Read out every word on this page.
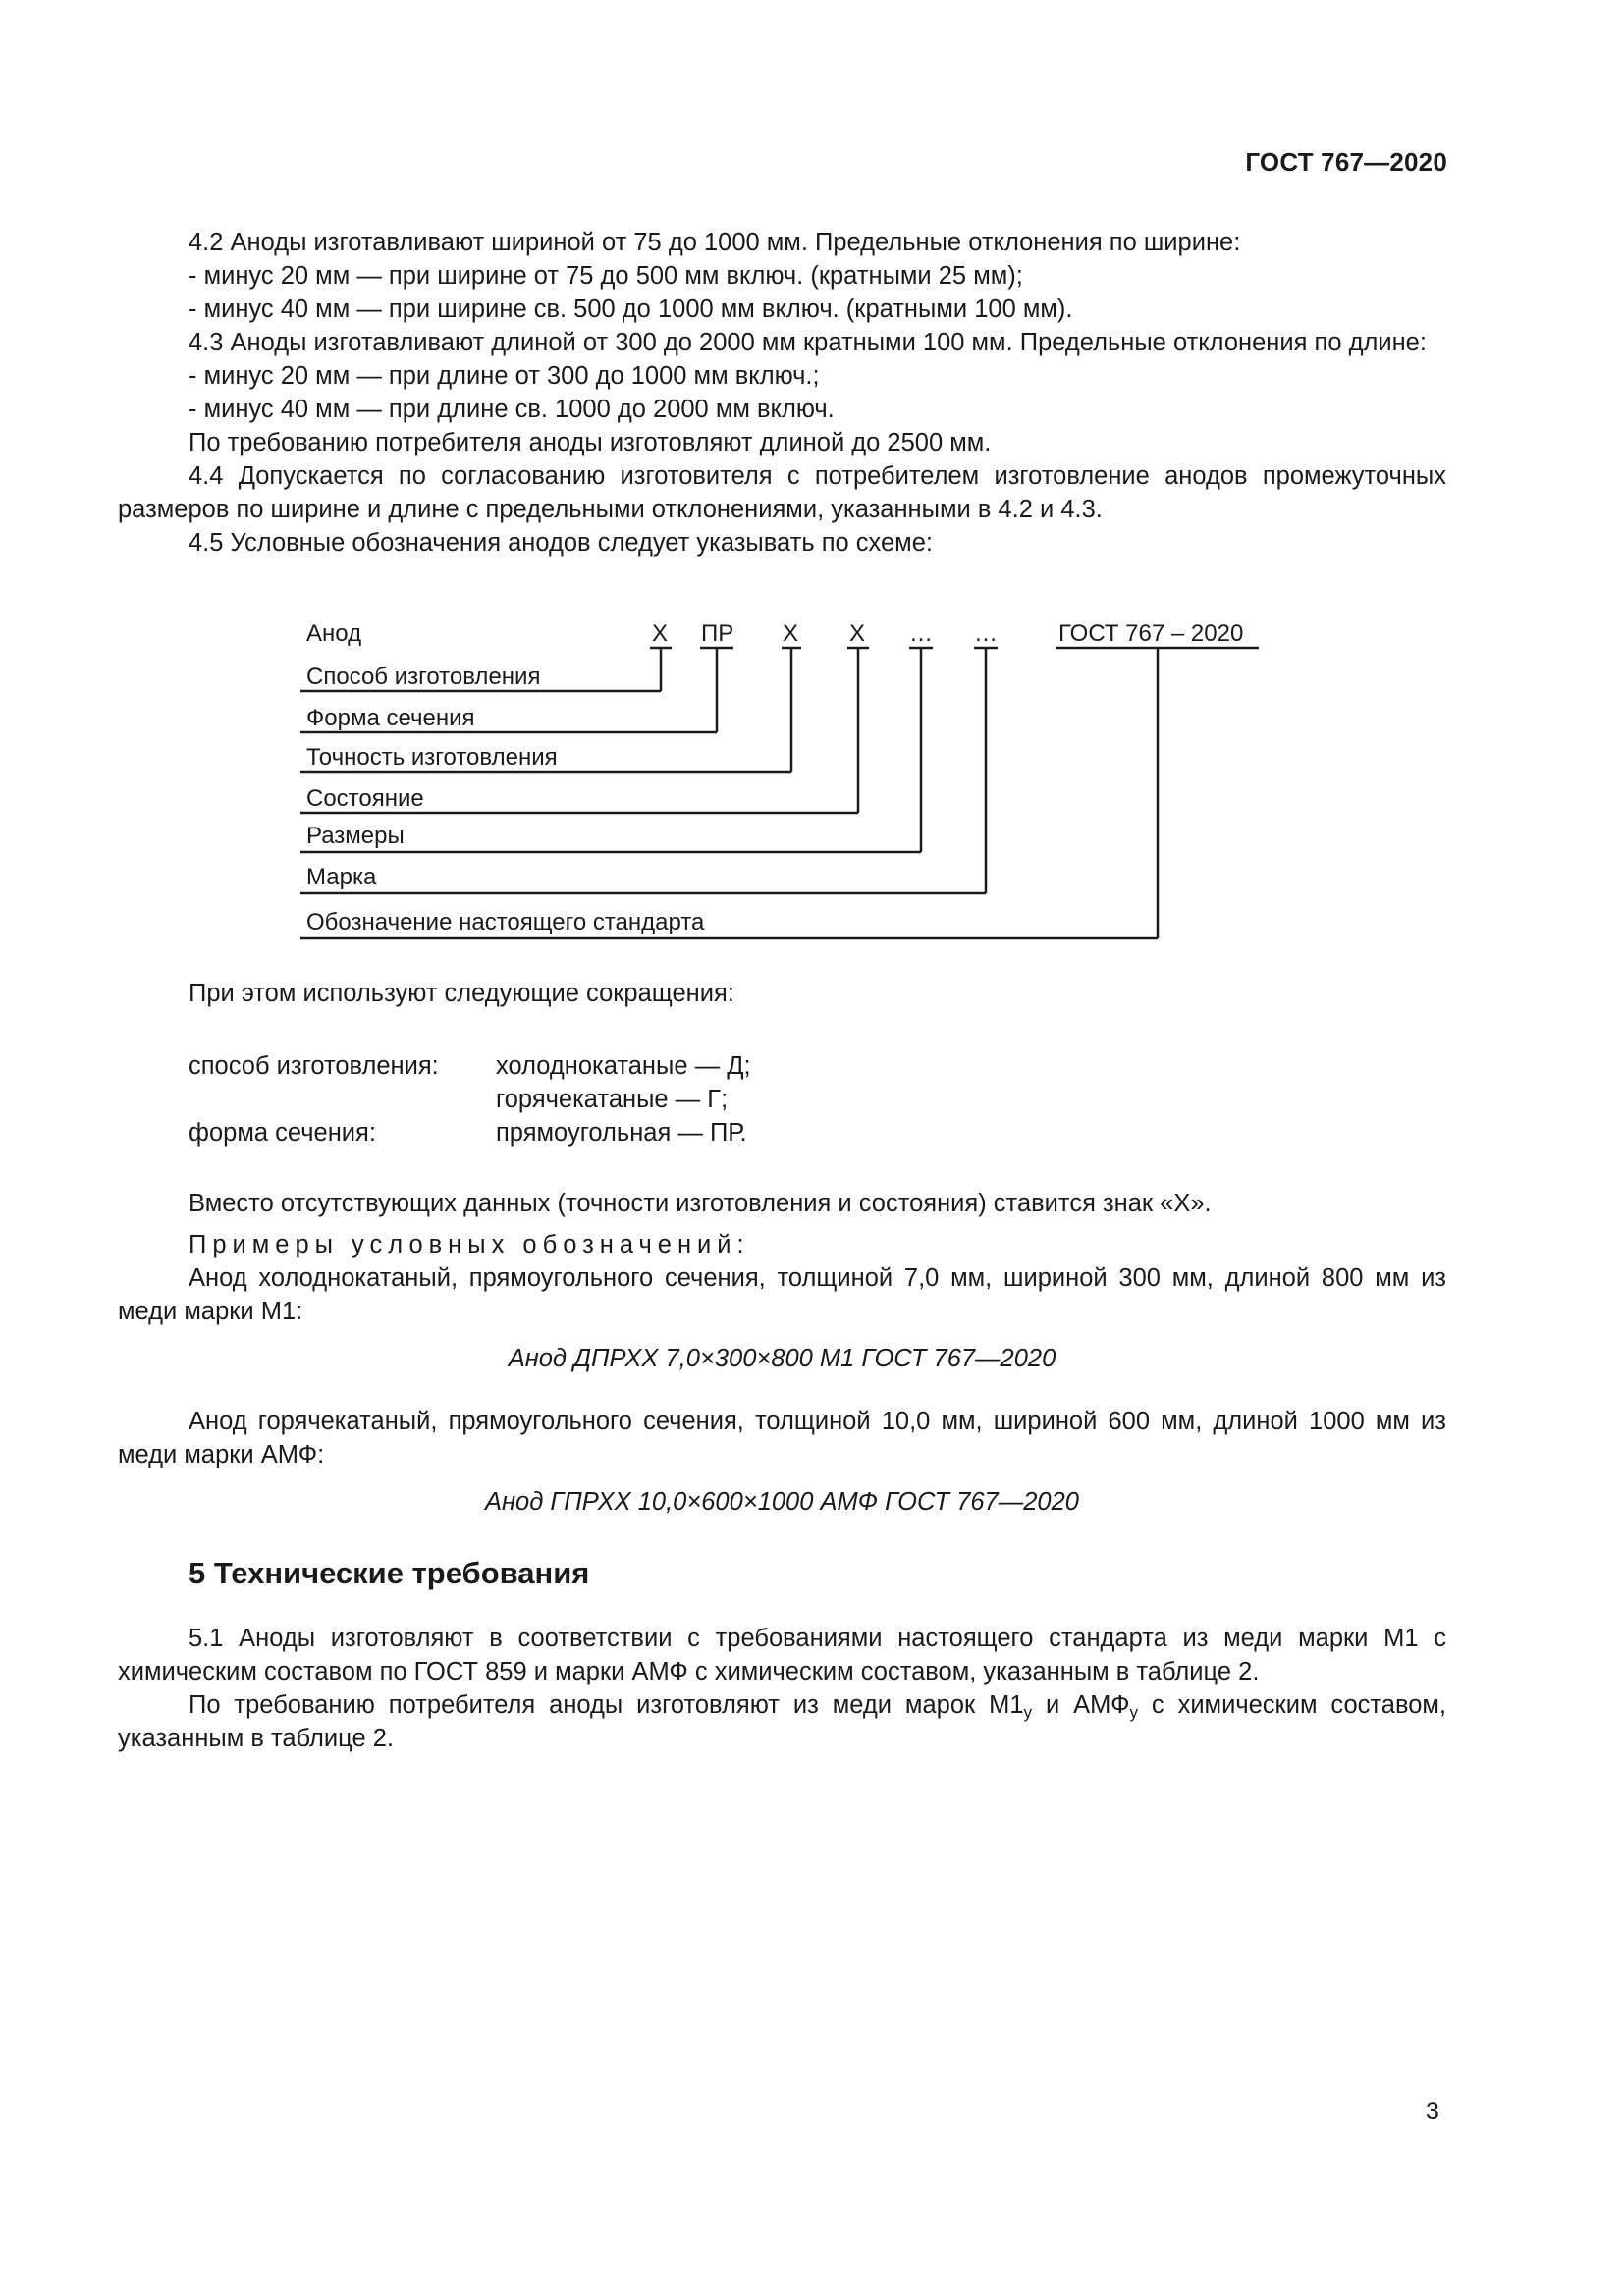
ГОСТ 767—2020

4.2 Аноды изготавливают шириной от 75 до 1000 мм. Предельные отклонения по ширине:

- минус 20 мм — при ширине от 75 до 500 мм включ. (кратными 25 мм);

- минус 40 мм — при ширине св. 500 до 1000 мм включ. (кратными 100 мм).

4.3 Аноды изготавливают длиной от 300 до 2000 мм кратными 100 мм. Предельные отклонения по длине:

- минус 20 мм — при длине от 300 до 1000 мм включ.;

- минус 40 мм — при длине св. 1000 до 2000 мм включ.

По требованию потребителя аноды изготовляют длиной до 2500 мм.

4.4 Допускается по согласованию изготовителя с потребителем изготовление анодов промежуточных размеров по ширине и длине с предельными отклонениями, указанными в 4.2 и 4.3.

4.5 Условные обозначения анодов следует указывать по схеме:

Анод	Х ПР Х Х … …	ГОСТ 767 – 2020
Способ изготовления
Форма сечения
Точность изготовления
Состояние
Размеры
Марка
Обозначение настоящего стандарта

При этом используют следующие сокращения:

способ изготовления:	холоднокатаные — Д;
горячекатаные — Г;
форма сечения:	прямоугольная — ПР.

Вместо отсутствующих данных (точности изготовления и состояния) ставится знак «Х».

Примеры условных обозначений:

Анод холоднокатаный, прямоугольного сечения, толщиной 7,0 мм, шириной 300 мм, длиной 800 мм из меди марки М1:

Анод ДПРХХ 7,0×300×800 М1 ГОСТ 767—2020

Анод горячекатаный, прямоугольного сечения, толщиной 10,0 мм, шириной 600 мм, длиной 1000 мм из меди марки АМФ:

Анод ГПРХХ 10,0×600×1000 АМФ ГОСТ 767—2020

5 Технические требования

5.1 Аноды изготовляют в соответствии с требованиями настоящего стандарта из меди марки М1 с химическим составом по ГОСТ 859 и марки АМФ с химическим составом, указанным в таблице 2.

По требованию потребителя аноды изготовляют из меди марок $М1_у$ и $АМФ_у$ с химическим составом, указанным в таблице 2.

3
